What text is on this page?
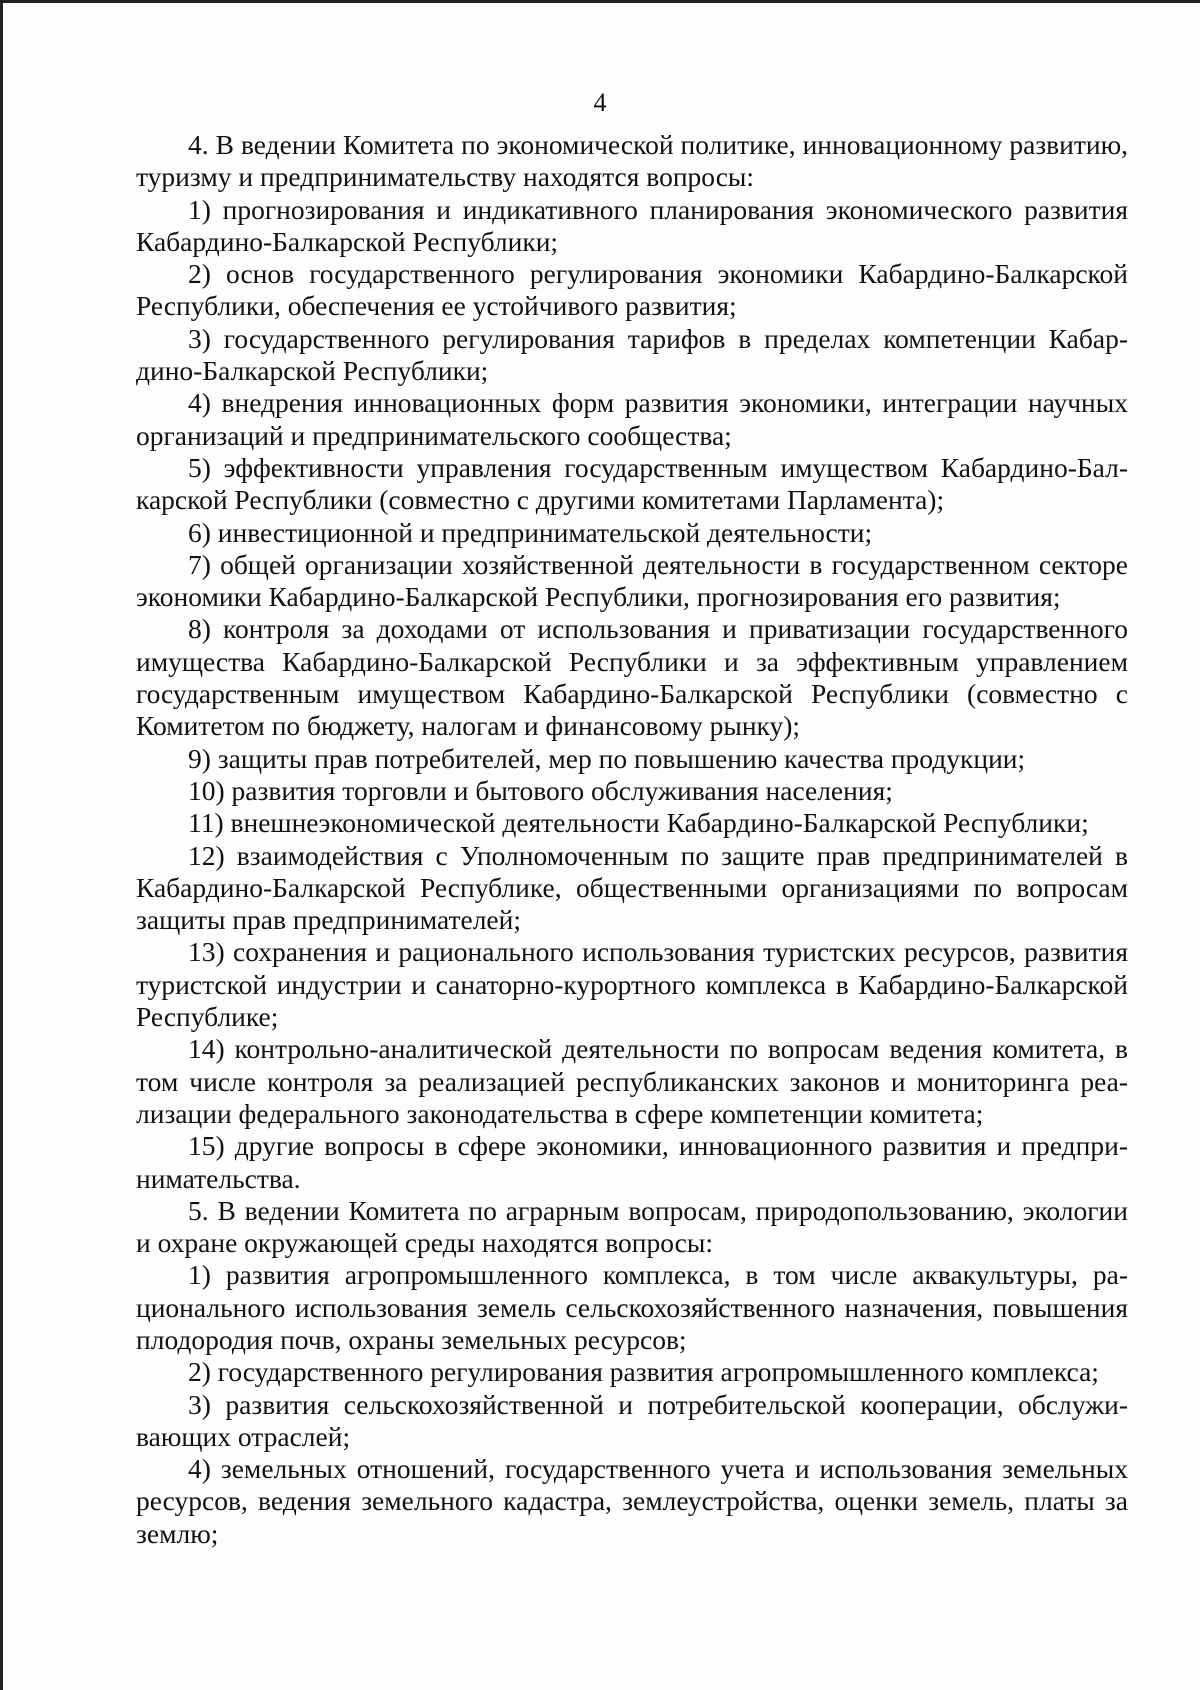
4

4. В ведении Комитета по экономической политике, инновационному развитию, туризму и предпринимательству находятся вопросы:

1) прогнозирования и индикативного планирования экономического развития Кабардино-Балкарской Республики;

2) основ государственного регулирования экономики Кабардино-Балкарской Республики, обеспечения ее устойчивого развития;

3) государственного регулирования тарифов в пределах компетенции Кабардино-Балкарской Республики;

4) внедрения инновационных форм развития экономики, интеграции научных организаций и предпринимательского сообщества;

5) эффективности управления государственным имуществом Кабардино-Балкарской Республики (совместно с другими комитетами Парламента);

6) инвестиционной и предпринимательской деятельности;

7) общей организации хозяйственной деятельности в государственном секторе экономики Кабардино-Балкарской Республики, прогнозирования его развития;

8) контроля за доходами от использования и приватизации государственного имущества Кабардино-Балкарской Республики и за эффективным управлением государственным имуществом Кабардино-Балкарской Республики (совместно с Комитетом по бюджету, налогам и финансовому рынку);

9) защиты прав потребителей, мер по повышению качества продукции;

10) развития торговли и бытового обслуживания населения;

11) внешнеэкономической деятельности Кабардино-Балкарской Республики;

12) взаимодействия с Уполномоченным по защите прав предпринимателей в Кабардино-Балкарской Республике, общественными организациями по вопросам защиты прав предпринимателей;

13) сохранения и рационального использования туристских ресурсов, развития туристской индустрии и санаторно-курортного комплекса в Кабардино-Балкарской Республике;

14) контрольно-аналитической деятельности по вопросам ведения комитета, в том числе контроля за реализацией республиканских законов и мониторинга реализации федерального законодательства в сфере компетенции комитета;

15) другие вопросы в сфере экономики, инновационного развития и предпринимательства.

5. В ведении Комитета по аграрным вопросам, природопользованию, экологии и охране окружающей среды находятся вопросы:

1) развития агропромышленного комплекса, в том числе аквакультуры, рационального использования земель сельскохозяйственного назначения, повышения плодородия почв, охраны земельных ресурсов;

2) государственного регулирования развития агропромышленного комплекса;

3) развития сельскохозяйственной и потребительской кооперации, обслуживающих отраслей;

4) земельных отношений, государственного учета и использования земельных ресурсов, ведения земельного кадастра, землеустройства, оценки земель, платы за землю;
